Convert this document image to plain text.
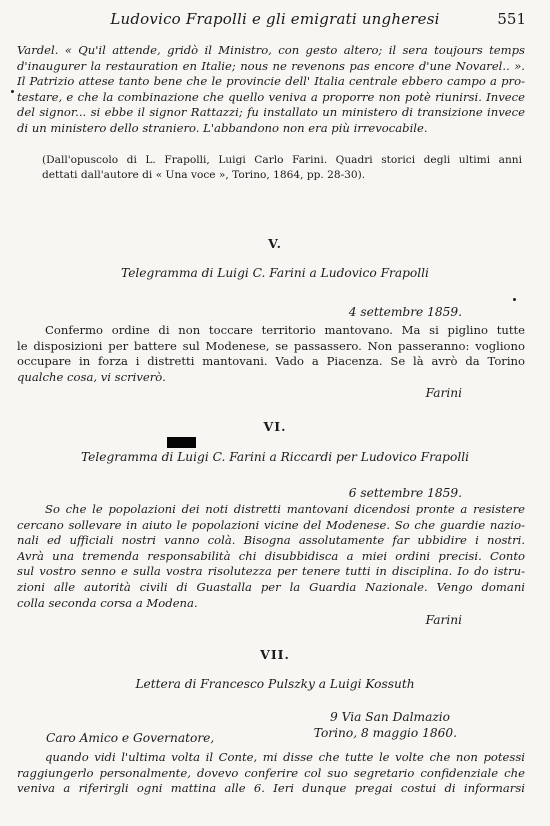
Ludovico Frapolli e gli emigrati ungheresi	551
Vardel. « Qu'il attende, gridò il Ministro, con gesto altero; il sera toujours temps
d'inaugurer la restauration en Italie; nous ne revenons pas encore d'une Novarel.. ».
Il Patrizio attese tanto bene che le provincie dell' Italia centrale ebbero campo a pro-
testare, e che la combinazione che quello veniva a proporre non potè riunirsi. Invece
del signor... si ebbe il signor Rattazzi; fu installato un ministero di transizione invece
di un ministero dello straniero. L'abbandono non era più irrevocabile.
(Dall'opuscolo di L. Frapolli, Luigi Carlo Farini. Quadri storici degli ultimi anni
dettati dall'autore di « Una voce », Torino, 1864, pp. 28-30).
V.
Telegramma di Luigi C. Farini a Ludovico Frapolli
4 settembre 1859.
Confermo ordine di non toccare territorio mantovano. Ma si piglino tutte
le disposizioni per battere sul Modenese, se passassero. Non passeranno: vogliono
occupare in forza i distretti mantovani. Vado a Piacenza. Se là avrò da Torino
qualche cosa, vi scriverò.
Farini
VI.
Telegramma di Luigi C. Farini a Riccardi per Ludovico Frapolli
6 settembre 1859.
So che le popolazioni dei noti distretti mantovani dicendosi pronte a resistere
cercano sollevare in aiuto le popolazioni vicine del Modenese. So che guardie nazio-
nali ed ufficiali nostri vanno colà. Bisogna assolutamente far ubbidire i nostri.
Avrà una tremenda responsabilità chi disubbidisca a miei ordini precisi. Conto
sul vostro senno e sulla vostra risolutezza per tenere tutti in disciplina. Io do istru-
zioni alle autorità civili di Guastalla per la Guardia Nazionale. Vengo domani
colla seconda corsa a Modena.
Farini
VII.
Lettera di Francesco Pulszky a Luigi Kossuth
9 Via San Dalmazio
Torino, 8 maggio 1860.
Caro Amico e Governatore,
quando vidi l'ultima volta il Conte, mi disse che tutte le volte che non potessi
raggiungerlo personalmente, dovevo conferire col suo segretario confidenziale che
veniva a riferirgli ogni mattina alle 6. Ieri dunque pregai costui di informarsi
